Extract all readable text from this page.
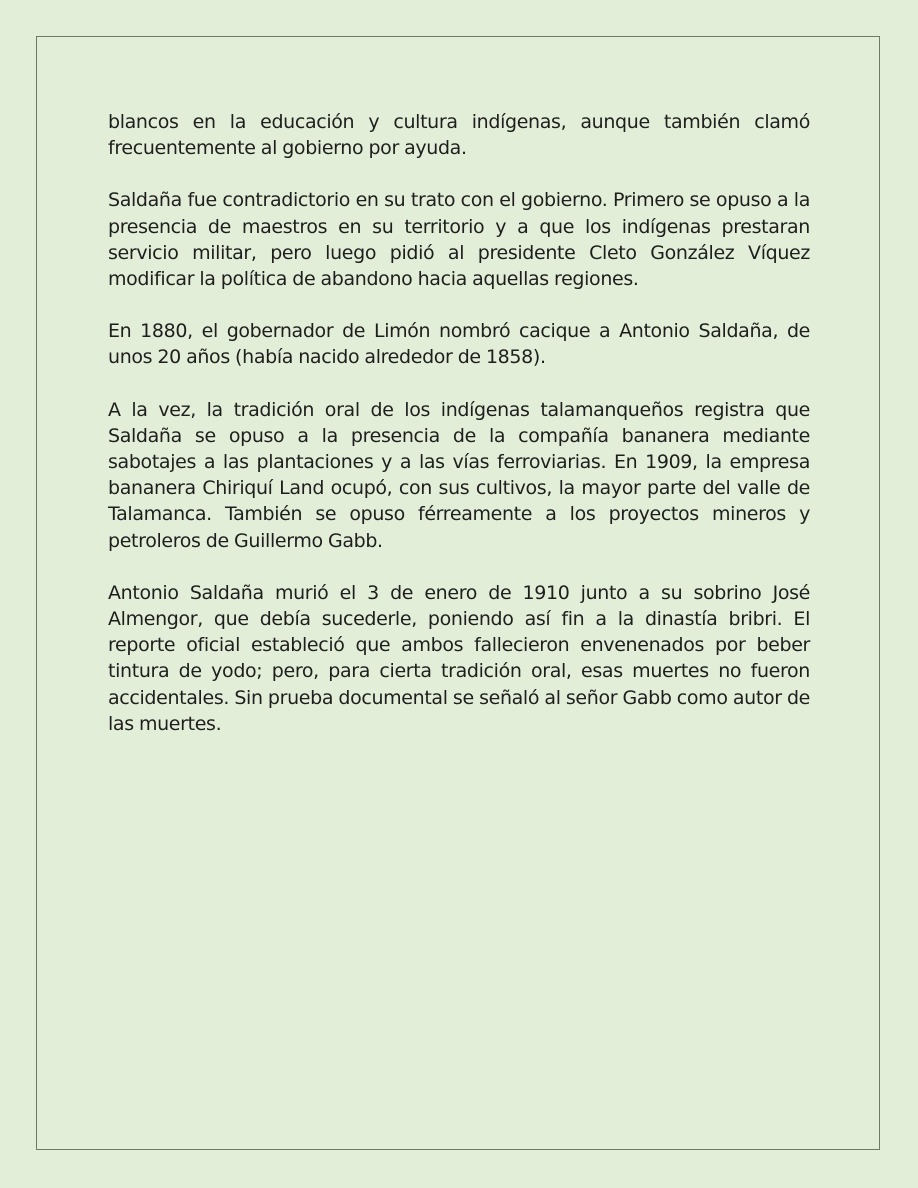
blancos en la educación y cultura indígenas, aunque también clamó frecuentemente al gobierno por ayuda.

Saldaña fue contradictorio en su trato con el gobierno. Primero se opuso a la presencia de maestros en su territorio y a que los indígenas prestaran servicio militar, pero luego pidió al presidente Cleto González Víquez modificar la política de abandono hacia aquellas regiones.

En 1880, el gobernador de Limón nombró cacique a Antonio Saldaña, de unos 20 años (había nacido alrededor de 1858).

A la vez, la tradición oral de los indígenas talamanqueños registra que Saldaña se opuso a la presencia de la compañía bananera mediante sabotajes a las plantaciones y a las vías ferroviarias. En 1909, la empresa bananera Chiriquí Land ocupó, con sus cultivos, la mayor parte del valle de Talamanca. También se opuso férreamente a los proyectos mineros y petroleros de Guillermo Gabb.

Antonio Saldaña murió el 3 de enero de 1910 junto a su sobrino José Almengor, que debía sucederle, poniendo así fin a la dinastía bribri. El reporte oficial estableció que ambos fallecieron envenenados por beber tintura de yodo; pero, para cierta tradición oral, esas muertes no fueron accidentales. Sin prueba documental se señaló al señor Gabb como autor de las muertes.
